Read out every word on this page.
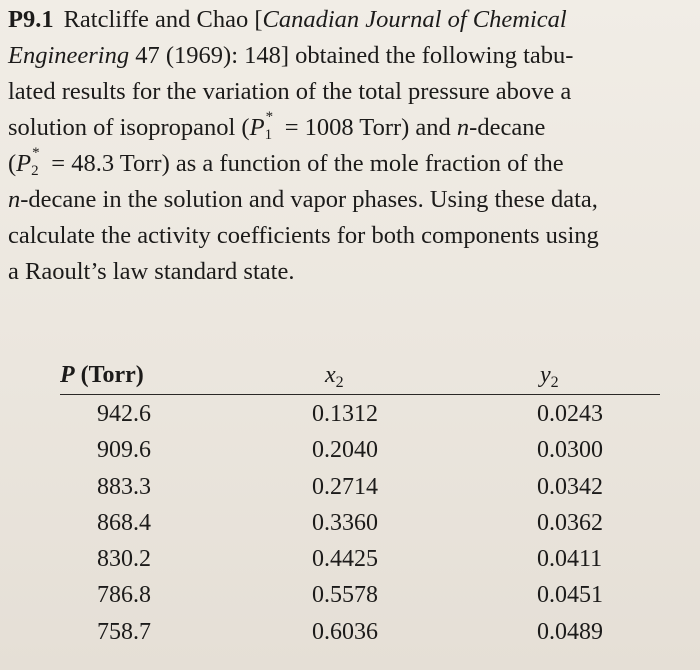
P9.1 Ratcliffe and Chao [Canadian Journal of Chemical
Engineering 47 (1969): 148] obtained the following tabu-
lated results for the variation of the total pressure above a
solution of isopropanol (P *
1 = 1008 Torr) and n-decane
(P *
2 = 48.3 Torr) as a function of the mole fraction of the
n-decane in the solution and vapor phases. Using these data,
calculate the activity coefficients for both components using
a Raoult’s law standard state.
P (Torr)	$x_2$	$y_2$
942.6	0.1312	0.0243
909.6	0.2040	0.0300
883.3	0.2714	0.0342
868.4	0.3360	0.0362
830.2	0.4425	0.0411
786.8	0.5578	0.0451
758.7	0.6036	0.0489
